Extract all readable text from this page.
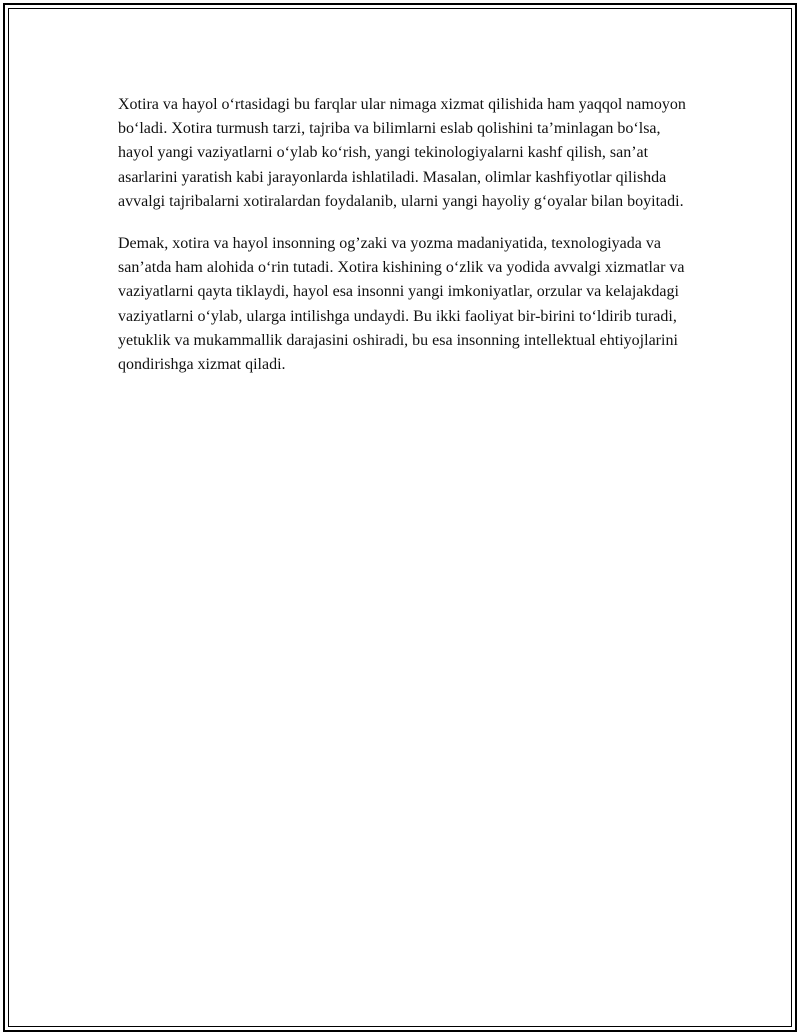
Xotira va hayol o‘rtasidagi bu farqlar ular nimaga xizmat qilishida ham yaqqol namoyon bo‘ladi. Xotira turmush tarzi, tajriba va bilimlarni eslab qolishini ta’minlagan bo‘lsa, hayol yangi vaziyatlarni o‘ylab ko‘rish, yangi tekinologiyalarni kashf qilish, san’at asarlarini yaratish kabi jarayonlarda ishlatiladi. Masalan, olimlar kashfiyotlar qilishda avvalgi tajribalarni xotiralardan foydalanib, ularni yangi hayoliy g‘oyalar bilan boyitadi.

Demak, xotira va hayol insonning og’zaki va yozma madaniyatida, texnologiyada va san’atda ham alohida o‘rin tutadi. Xotira kishining o‘zlik va yodida avvalgi xizmatlar va vaziyatlarni qayta tiklaydi, hayol esa insonni yangi imkoniyatlar, orzular va kelajakdagi vaziyatlarni o‘ylab, ularga intilishga undaydi. Bu ikki faoliyat bir-birini to‘ldirib turadi, yetuklik va mukammallik darajasini oshiradi, bu esa insonning intellektual ehtiyojlarini qondirishga xizmat qiladi.
